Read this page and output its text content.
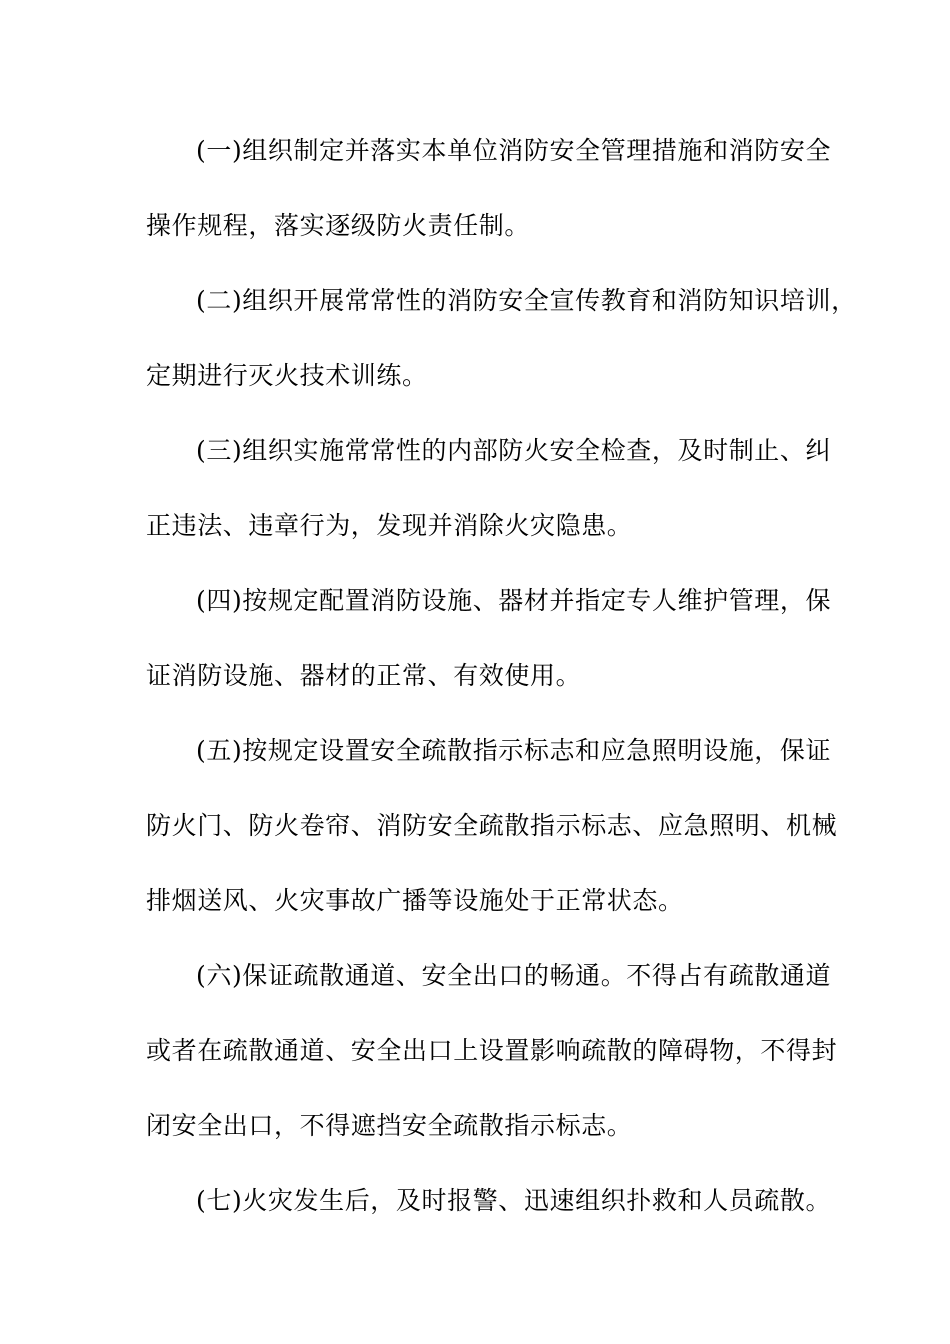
(一)组织制定并落实本单位消防安全管理措施和消防安全
操作规程，落实逐级防火责任制。
(二)组织开展常常性的消防安全宣传教育和消防知识培训，
定期进行灭火技术训练。
(三)组织实施常常性的内部防火安全检查，及时制止、纠
正违法、违章行为，发现并消除火灾隐患。
(四)按规定配置消防设施、器材并指定专人维护管理，保
证消防设施、器材的正常、有效使用。
(五)按规定设置安全疏散指示标志和应急照明设施，保证
防火门、防火卷帘、消防安全疏散指示标志、应急照明、机械
排烟送风、火灾事故广播等设施处于正常状态。
(六)保证疏散通道、安全出口的畅通。不得占有疏散通道
或者在疏散通道、安全出口上设置影响疏散的障碍物，不得封
闭安全出口，不得遮挡安全疏散指示标志。
(七)火灾发生后，及时报警、迅速组织扑救和人员疏散。
